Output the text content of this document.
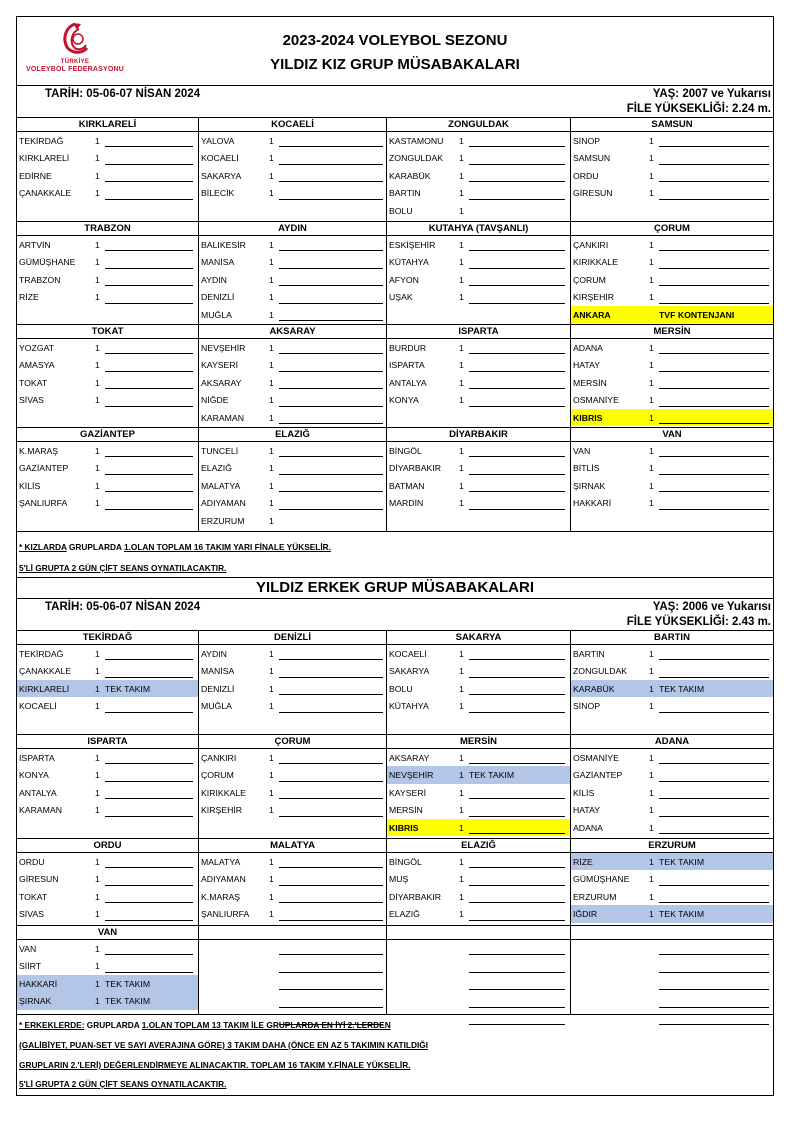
TÜRKİYE
VOLEYBOL FEDERASYONU
2023-2024 VOLEYBOL SEZONU
YILDIZ KIZ GRUP MÜSABAKALARI
TARİH: 05-06-07 NİSAN 2024	YAŞ: 2007 ve Yukarısı
FİLE YÜKSEKLİĞİ: 2.24 m.
KIRKLARELİ
TEKİRDAĞ	1
KIRKLARELİ	1
EDİRNE	1
ÇANAKKALE	1
KOCAELİ
YALOVA	1
KOCAELİ	1
SAKARYA	1
BİLECİK	1
ZONGULDAK
KASTAMONU 1
ZONGULDAK 1
KARABÜK	1
BARTIN	1
BOLU	1
SAMSUN
SİNOP	1
SAMSUN	1
ORDU	1
GİRESUN	1
TRABZON
ARTVİN	1
GÜMÜŞHANE 1
TRABZON	1
RİZE	1
AYDIN
BALIKESİR	1
MANİSA	1
AYDIN	1
DENİZLİ	1
MUĞLA	1
KUTAHYA (TAVŞANLI)
ESKİŞEHİR	1
KÜTAHYA	1
AFYON	1
UŞAK	1
ÇORUM
ÇANKIRI	1
KIRIKKALE	1
ÇORUM	1
KIRŞEHİR	1
ANKARA	TVF KONTENJANI
TOKAT
YOZGAT	1
AMASYA	1
TOKAT	1
SİVAS	1
AKSARAY
NEVŞEHİR	1
KAYSERİ	1
AKSARAY	1
NİĞDE	1
KARAMAN	1
ISPARTA
BURDUR	1
ISPARTA	1
ANTALYA	1
KONYA	1
MERSİN
ADANA	1
HATAY	1
MERSİN	1
OSMANİYE	1
KIBRIS	1
GAZİANTEP
K.MARAŞ	1
GAZİANTEP	1
KİLİS	1
ŞANLIURFA	1
ELAZIĞ
TUNCELİ	1
ELAZIĞ	1
MALATYA	1
ADIYAMAN	1
ERZURUM	1
DİYARBAKIR
BİNGÖL	1
DİYARBAKIR 1
BATMAN	1
MARDİN	1
VAN
VAN	1
BİTLİS	1
ŞIRNAK	1
HAKKARİ	1
* KIZLARDA GRUPLARDA 1.OLAN TOPLAM 16 TAKIM YARI FİNALE YÜKSELİR.
5'Lİ GRUPTA 2 GÜN ÇİFT SEANS OYNATILACAKTIR.
YILDIZ ERKEK GRUP MÜSABAKALARI
TARİH: 05-06-07 NİSAN 2024	YAŞ: 2006 ve Yukarısı
FİLE YÜKSEKLİĞİ: 2.43 m.
TEKİRDAĞ
TEKİRDAĞ	1
ÇANAKKALE	1
KIRKLARELİ	1 TEK TAKIM
KOCAELİ	1
DENİZLİ
AYDIN	1
MANİSA	1
DENİZLİ	1
MUĞLA	1
SAKARYA
KOCAELİ	1
SAKARYA	1
BOLU	1
KÜTAHYA	1
BARTIN
BARTIN	1
ZONGULDAK	1
KARABÜK	1 TEK TAKIM
SİNOP	1
ISPARTA
ISPARTA	1
KONYA	1
ANTALYA	1
KARAMAN	1
ÇORUM
ÇANKIRI	1
ÇORUM	1
KIRIKKALE	1
KIRŞEHİR	1
MERSİN
AKSARAY	1
NEVŞEHİR	1 TEK TAKIM
KAYSERİ	1
MERSİN	1
KIBRIS	1
ADANA
OSMANİYE	1
GAZİANTEP	1
KİLİS	1
HATAY	1
ADANA	1
ORDU
ORDU	1
GİRESUN	1
TOKAT	1
SİVAS	1
MALATYA
MALATYA	1
ADIYAMAN	1
K.MARAŞ	1
ŞANLIURFA 1
ELAZIĞ
BİNGÖL	1
MUŞ	1
DİYARBAKIR 1
ELAZIĞ	1
ERZURUM
RİZE	1 TEK TAKIM
GÜMÜŞHANE 1
ERZURUM	1
IĞDIR	1 TEK TAKIM
VAN
VAN	1
SİİRT	1
HAKKARİ	1 TEK TAKIM
ŞIRNAK	1 TEK TAKIM
* ERKEKLERDE: GRUPLARDA 1.OLAN TOPLAM 13 TAKIM İLE GRUPLARDA EN İYİ 2.'LERDEN
(GALİBİYET, PUAN-SET VE SAYI AVERAJINA GÖRE) 3 TAKIM DAHA (ÖNCE EN AZ 5 TAKIMIN KATILDIĞI
GRUPLARIN 2.'LERİ) DEĞERLENDİRMEYE ALINACAKTIR. TOPLAM 16 TAKIM Y.FİNALE YÜKSELİR.
5'Lİ GRUPTA 2 GÜN ÇİFT SEANS OYNATILACAKTIR.
